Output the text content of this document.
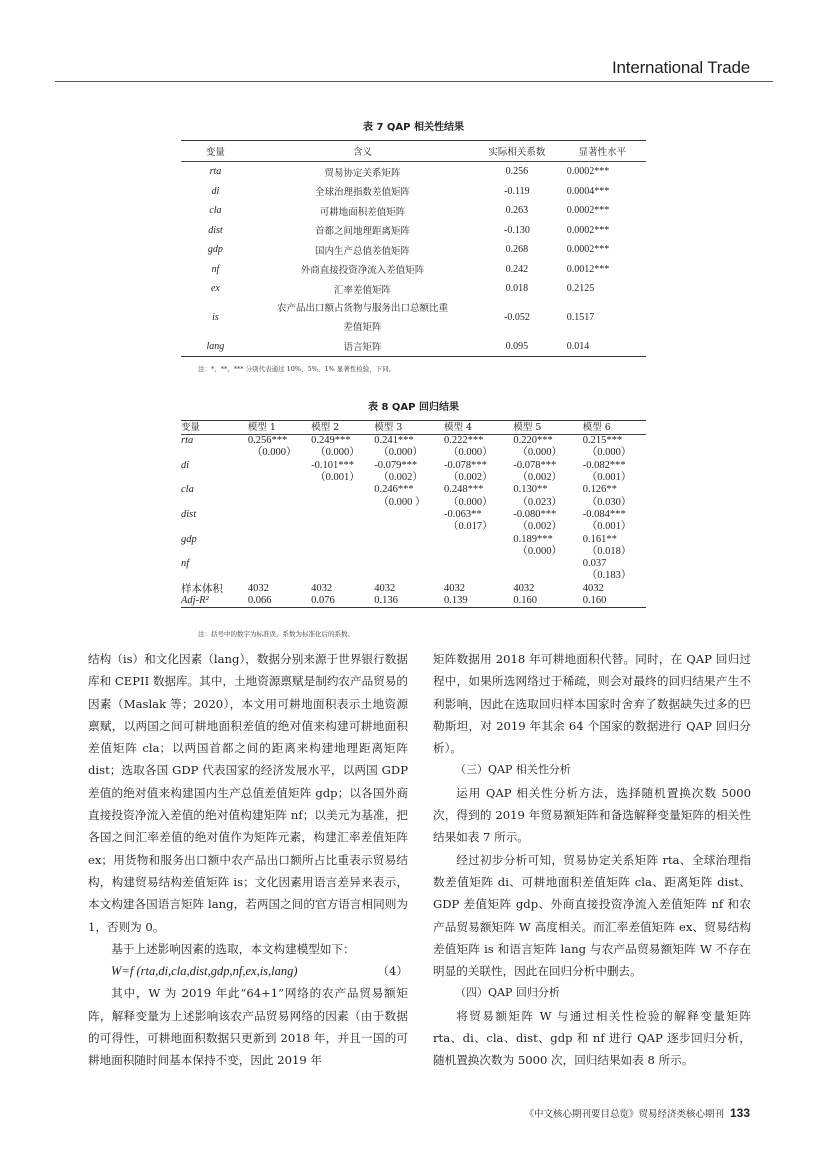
International Trade
表 7 QAP 相关性结果
变量	含义	实际相关系数	显著性水平
rta	贸易协定关系矩阵	0.256	0.0002***
di	全球治理指数差值矩阵	-0.119	0.0004***
cla	可耕地面积差值矩阵	0.263	0.0002***
dist	首都之间地理距离矩阵	-0.130	0.0002***
gdp	国内生产总值差值矩阵	0.268	0.0002***
nf	外商直接投资净流入差值矩阵	0.242	0.0012***
ex	汇率差值矩阵	0.018	0.2125
is	农产品出口额占货物与服务出口总额比重
差值矩阵	-0.052	0.1517
lang	语言矩阵	0.095	0.014
注：*、**、*** 分别代表通过 10%、5%、1% 显著性检验，下同。
表 8 QAP 回归结果
变量	模型 1	模型 2	模型 3	模型 4	模型 5	模型 6
rta	0.256***	0.249***	0.241***	0.222***	0.220***	0.215***
	（0.000）	（0.000）	（0.000）	（0.000）	（0.000）	（0.000）
di		-0.101***	-0.079***	-0.078***	-0.078***	-0.082***
		（0.001）	（0.002）	（0.002）	（0.002）	（0.001）
cla			0.246***	0.248***	0.130**	0.126**
			（0.000 ）	（0.000）	（0.023）	（0.030）
dist				-0.063**	-0.080***	-0.084***
				（0.017）	（0.002）	（0.001）
gdp					0.189***	0.161**
					（0.000）	（0.018）
nf						0.037
						（0.183）
样本体积	4032	4032	4032	4032	4032	4032
Adj-R²	0.066	0.076	0.136	0.139	0.160	0.160
注：括号中的数字为标准误，系数为标准化后的系数。

结构（is）和文化因素（lang），数据分别来源于世界银行数据库和 CEPII 数据库。其中，土地资源禀赋是制约农产品贸易的因素（Maslak 等；2020），本文用可耕地面积表示土地资源禀赋，以两国之间可耕地面积差值的绝对值来构建可耕地面积差值矩阵 cla；以两国首都之间的距离来构建地理距离矩阵 dist；选取各国 GDP 代表国家的经济发展水平，以两国 GDP 差值的绝对值来构建国内生产总值差值矩阵 gdp；以各国外商直接投资净流入差值的绝对值构建矩阵 nf；以美元为基准，把各国之间汇率差值的绝对值作为矩阵元素，构建汇率差值矩阵 ex；用货物和服务出口额中农产品出口额所占比重表示贸易结构，构建贸易结构差值矩阵 is；文化因素用语言差异来表示，本文构建各国语言矩阵 lang，若两国之间的官方语言相同则为 1，否则为 0。

基于上述影响因素的选取，本文构建模型如下：

W=f (rta,di,cla,dist,gdp,nf,ex,is,lang)	（4）

其中，W 为 2019 年此“64+1”网络的农产品贸易额矩阵，解释变量为上述影响该农产品贸易网络的因素（由于数据的可得性，可耕地面积数据只更新到 2018 年，并且一国的可耕地面积随时间基本保持不变，因此 2019 年

矩阵数据用 2018 年可耕地面积代替。同时，在 QAP 回归过程中，如果所选网络过于稀疏，则会对最终的回归结果产生不利影响，因此在选取回归样本国家时舍弃了数据缺失过多的巴勒斯坦，对 2019 年其余 64 个国家的数据进行 QAP 回归分析）。

（三）QAP 相关性分析

运用 QAP 相关性分析方法，选择随机置换次数 5000 次，得到的 2019 年贸易额矩阵和备选解释变量矩阵的相关性结果如表 7 所示。

经过初步分析可知，贸易协定关系矩阵 rta、全球治理指数差值矩阵 di、可耕地面积差值矩阵 cla、距离矩阵 dist、GDP 差值矩阵 gdp、外商直接投资净流入差值矩阵 nf 和农产品贸易额矩阵 W 高度相关。而汇率差值矩阵 ex、贸易结构差值矩阵 is 和语言矩阵 lang 与农产品贸易额矩阵 W 不存在明显的关联性，因此在回归分析中删去。

（四）QAP 回归分析

将贸易额矩阵 W 与通过相关性检验的解释变量矩阵 rta、di、cla、dist、gdp 和 nf 进行 QAP 逐步回归分析，随机置换次数为 5000 次，回归结果如表 8 所示。

《中文核心期刊要目总览》贸易经济类核心期刊 133
